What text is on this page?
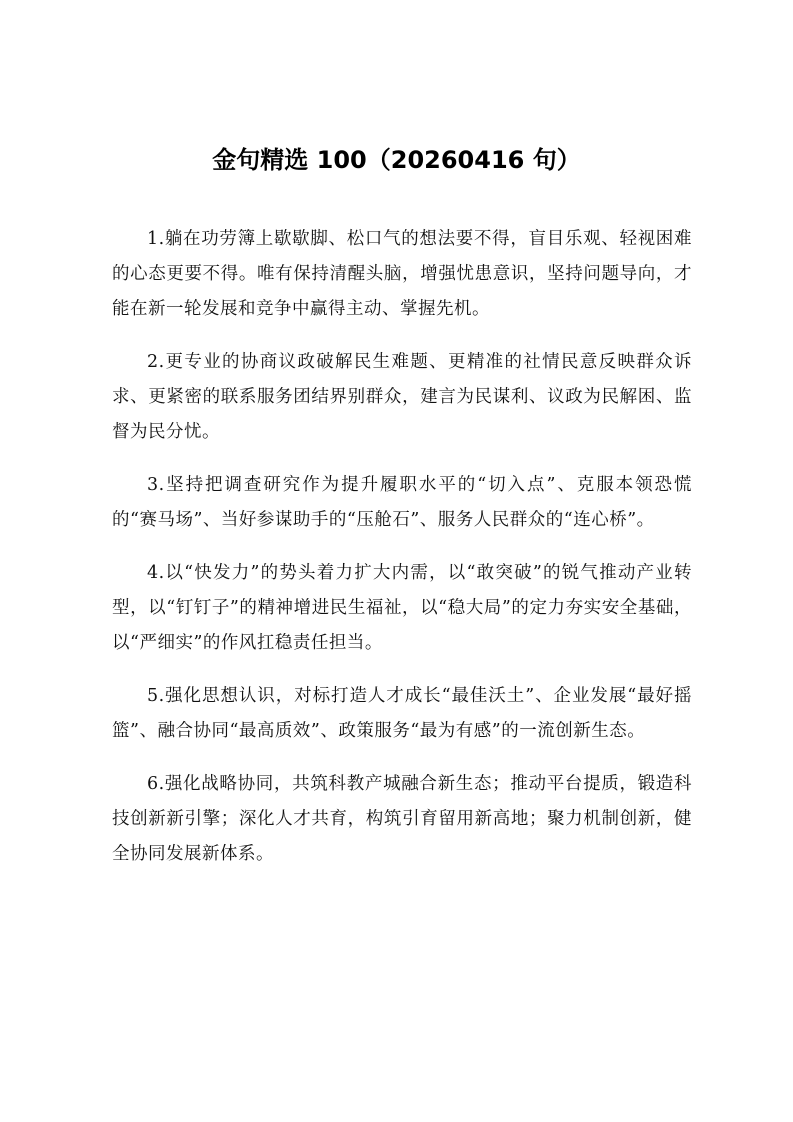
金句精选 100（20260416 句）

1.躺在功劳簿上歇歇脚、松口气的想法要不得，盲目乐观、轻视困难的心态更要不得。唯有保持清醒头脑，增强忧患意识，坚持问题导向，才能在新一轮发展和竞争中赢得主动、掌握先机。

2.更专业的协商议政破解民生难题、更精准的社情民意反映群众诉求、更紧密的联系服务团结界别群众，建言为民谋利、议政为民解困、监督为民分忧。

3.坚持把调查研究作为提升履职水平的“切入点”、克服本领恐慌的“赛马场”、当好参谋助手的“压舱石”、服务人民群众的“连心桥”。

4.以“快发力”的势头着力扩大内需，以“敢突破”的锐气推动产业转型，以“钉钉子”的精神增进民生福祉，以“稳大局”的定力夯实安全基础，以“严细实”的作风扛稳责任担当。

5.强化思想认识，对标打造人才成长“最佳沃土”、企业发展“最好摇篮”、融合协同“最高质效”、政策服务“最为有感”的一流创新生态。

6.强化战略协同，共筑科教产城融合新生态；推动平台提质，锻造科技创新新引擎；深化人才共育，构筑引育留用新高地；聚力机制创新，健全协同发展新体系。
